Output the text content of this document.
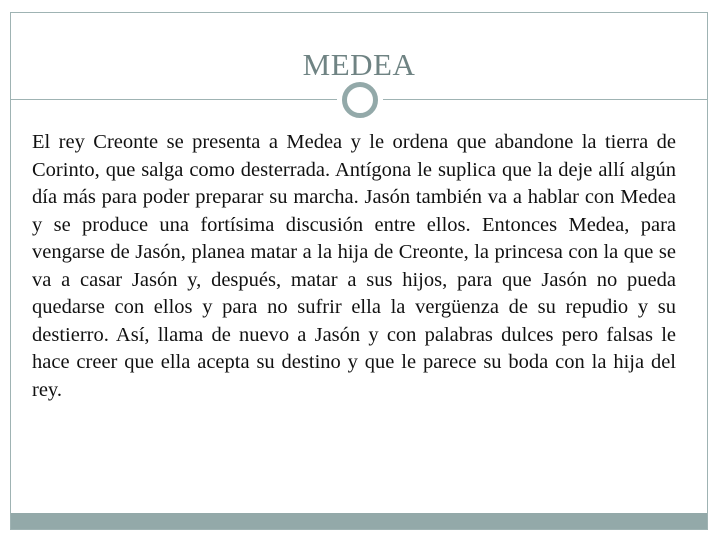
MEDEA

El rey Creonte se presenta a Medea y le ordena que abandone la tierra de Corinto, que salga como desterrada. Antígona le suplica que la deje allí algún día más para poder preparar su marcha. Jasón también va a hablar con Medea y se produce una fortísima discusión entre ellos. Entonces Medea, para vengarse de Jasón, planea matar a la hija de Creonte, la princesa con la que se va a casar Jasón y, después, matar a sus hijos, para que Jasón no pueda quedarse con ellos y para no sufrir ella la vergüenza de su repudio y su destierro. Así, llama de nuevo a Jasón y con palabras dulces pero falsas le hace creer que ella acepta su destino y que le parece su boda con la hija del rey.
